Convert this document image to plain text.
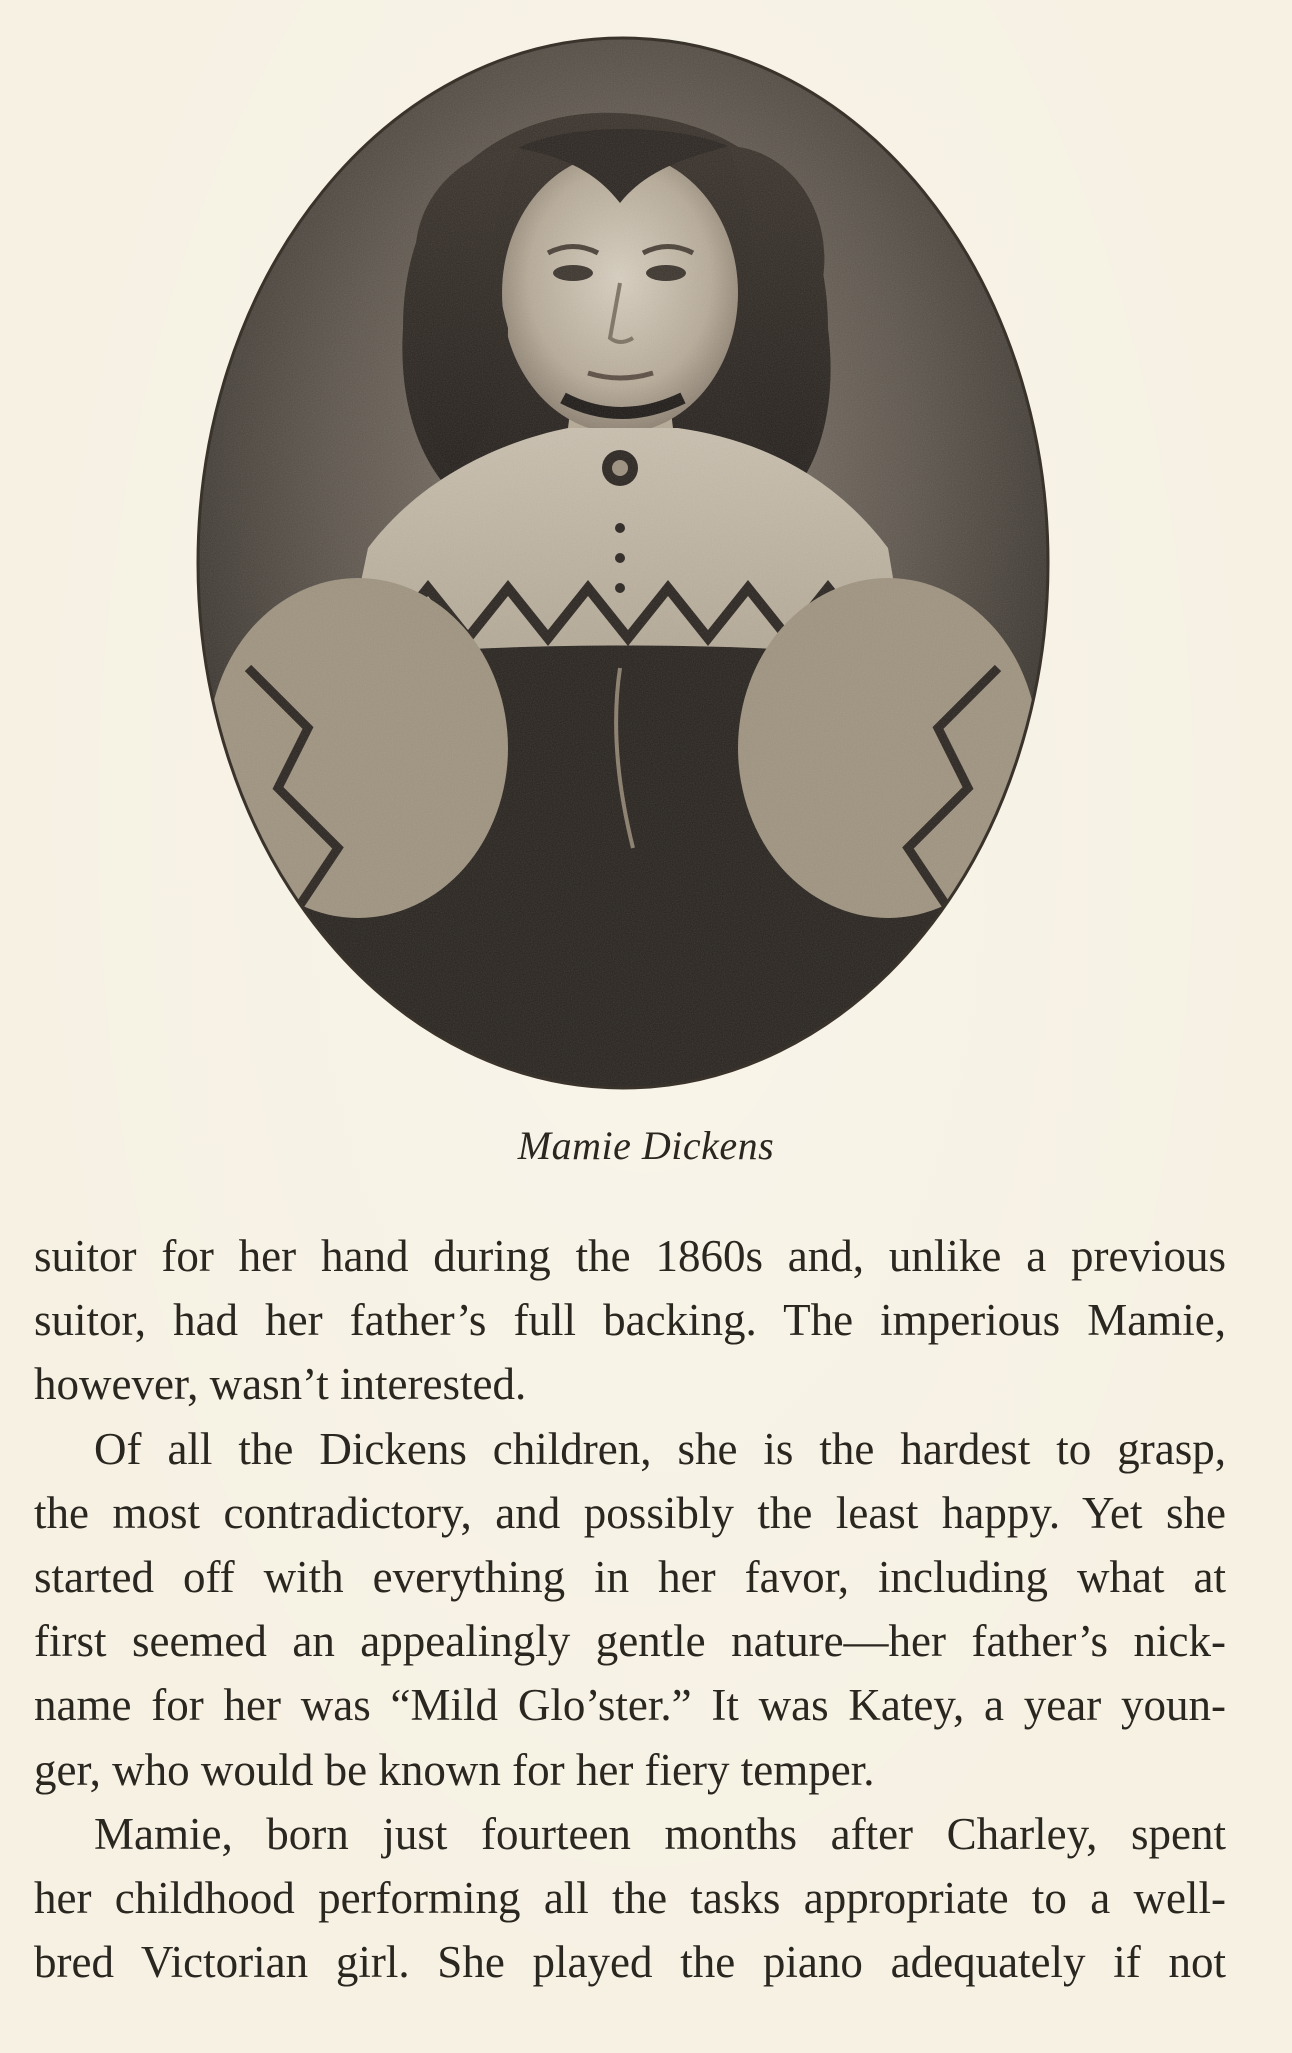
Mamie Dickens
suitor for her hand during the 1860s and, unlike a previous
suitor, had her father’s full backing. The imperious Mamie,
however, wasn’t interested.
Of all the Dickens children, she is the hardest to grasp,
the most contradictory, and possibly the least happy. Yet she
started off with everything in her favor, including what at
first seemed an appealingly gentle nature—her father’s nick-
name for her was “Mild Glo’ster.” It was Katey, a year youn-
ger, who would be known for her fiery temper.
Mamie, born just fourteen months after Charley, spent
her childhood performing all the tasks appropriate to a well-
bred Victorian girl. She played the piano adequately if not
